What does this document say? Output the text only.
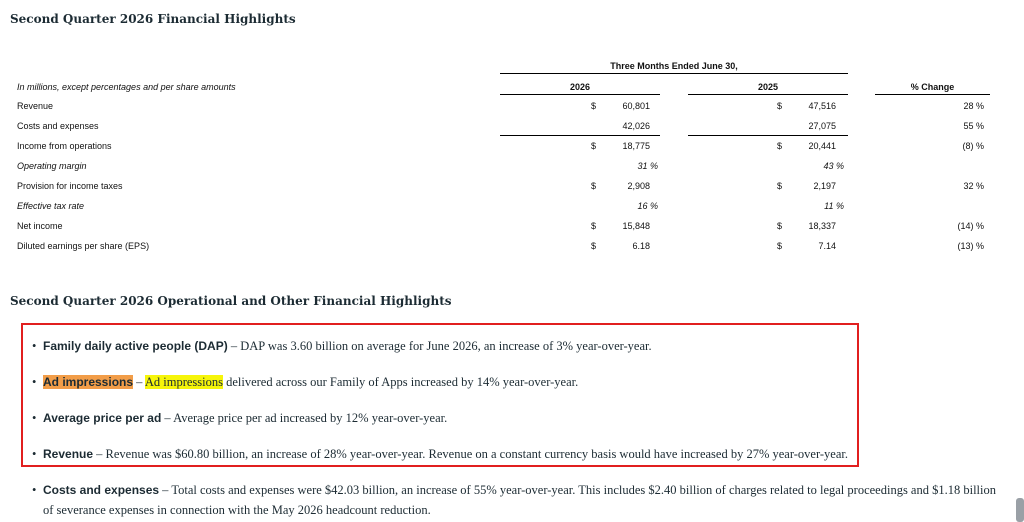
Second Quarter 2026 Financial Highlights
Three Months Ended June 30,
In millions, except percentages and per share amounts	2026	2025	% Change
Revenue	$	60,801	$	47,516	28 %
Costs and expenses	42,026	27,075	55 %
Income from operations	$	18,775	$	20,441	(8) %
Operating margin	31 %	43 %
Provision for income taxes	$	2,908	$	2,197	32 %
Effective tax rate	16 %	11 %
Net income	$	15,848	$	18,337	(14) %
Diluted earnings per share (EPS)	$	6.18	$	7.14	(13) %
Second Quarter 2026 Operational and Other Financial Highlights
• Family daily active people (DAP) – DAP was 3.60 billion on average for June 2026, an increase of 3% year-over-year.
• Ad impressions – Ad impressions delivered across our Family of Apps increased by 14% year-over-year.
• Average price per ad – Average price per ad increased by 12% year-over-year.
• Revenue – Revenue was $60.80 billion, an increase of 28% year-over-year. Revenue on a constant currency basis would have increased by 27% year-over-year.
• Costs and expenses – Total costs and expenses were $42.03 billion, an increase of 55% year-over-year. This includes $2.40 billion of charges related to legal proceedings and $1.18 billion of severance expenses in connection with the May 2026 headcount reduction.
